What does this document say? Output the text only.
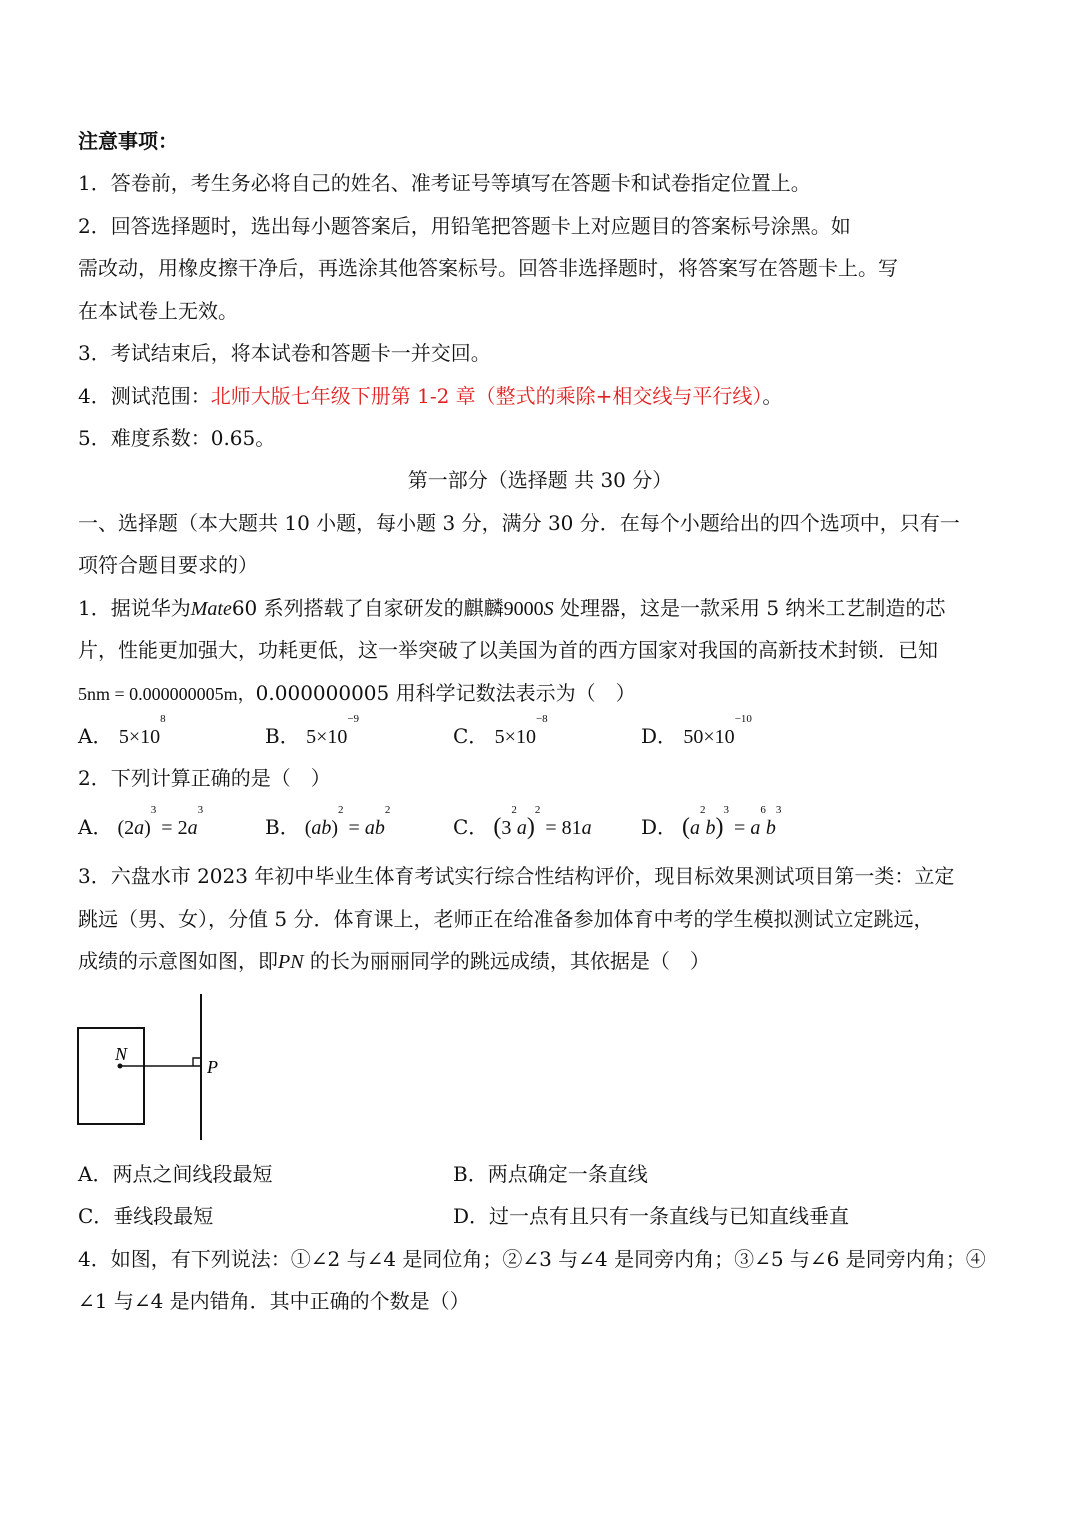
注意事项：
1．答卷前，考生务必将自己的姓名、准考证号等填写在答题卡和试卷指定位置上。
2．回答选择题时，选出每小题答案后，用铅笔把答题卡上对应题目的答案标号涂黑。如
需改动，用橡皮擦干净后，再选涂其他答案标号。回答非选择题时，将答案写在答题卡上。写
在本试卷上无效。
3．考试结束后，将本试卷和答题卡一并交回。
4．测试范围：北师大版七年级下册第 1-2 章（整式的乘除+相交线与平行线）。
5．难度系数：0.65。
第一部分（选择题 共 30 分）
一、选择题（本大题共 10 小题，每小题 3 分，满分 30 分．在每个小题给出的四个选项中，只有一
项符合题目要求的）
1．据说华为Mate60 系列搭载了自家研发的麒麟9000S 处理器，这是一款采用 5 纳米工艺制造的芯
片，性能更加强大，功耗更低，这一举突破了以美国为首的西方国家对我国的高新技术封锁．已知
5nm = 0.000000005m，0.000000005 用科学记数法表示为（　）
A． $5\times 10^8$
B． $5\times 10^{-9}$
C． $5\times 10^{-8}$
D． $50\times 10^{-10}$
2．下列计算正确的是（　）
A． $(2a)^3 = 2a^3$
B． $(ab)^2 = ab^2$
C． $(3^2a)^2 = 81a$ D． $(a^2b)^3 = a^6b^3$
3．六盘水市 2023 年初中毕业生体育考试实行综合性结构评价，现目标效果测试项目第一类：立定
跳远（男、女），分值 5 分．体育课上，老师正在给准备参加体育中考的学生模拟测试立定跳远，
成绩的示意图如图，即PN 的长为丽丽同学的跳远成绩，其依据是（　）
N
P
A．两点之间线段最短	B．两点确定一条直线
C．垂线段最短	D．过一点有且只有一条直线与已知直线垂直
4．如图，有下列说法：①∠2 与∠4 是同位角；②∠3 与∠4 是同旁内角；③∠5 与∠6 是同旁内角；④
∠1 与∠4 是内错角．其中正确的个数是（）
